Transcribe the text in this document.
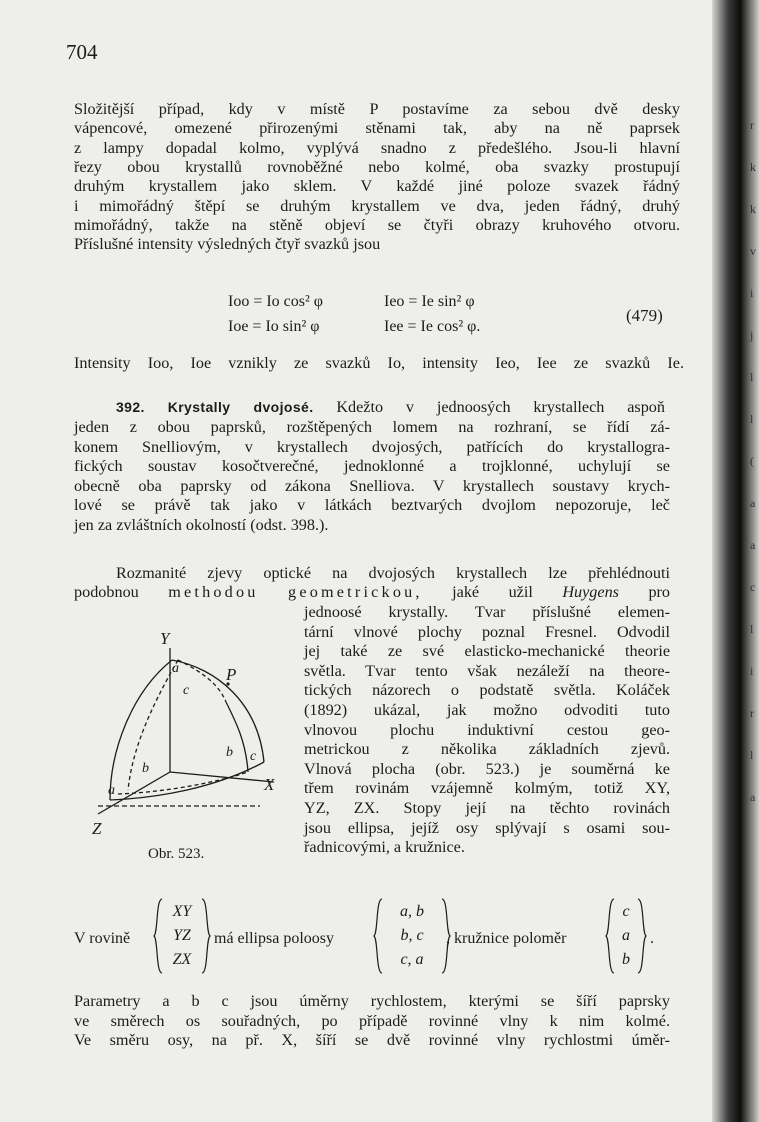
r
k
k
v
i
j
l
l
(
a
a
c
l
i
r
l
a
704
Složitější případ, kdy v místě P postavíme za sebou dvě desky
vápencové, omezené přirozenými stěnami tak, aby na ně paprsek
z lampy dopadal kolmo, vyplývá snadno z předešlého. Jsou-li hlavní
řezy obou krystallů rovnoběžné nebo kolmé, oba svazky prostupují
druhým krystallem jako sklem. V každé jiné poloze svazek řádný
i mimořádný štěpí se druhým krystallem ve dva, jeden řádný, druhý
mimořádný, takže na stěně objeví se čtyři obrazy kruhového otvoru.
Příslušné intensity výsledných čtyř svazků jsou
Ioo = Io cos² φ	Ieo = Ie sin² φ
Ioe = Io sin² φ	Iee = Ie cos² φ.
(479)
Intensity Ioo, Ioe vznikly ze svazků Io, intensity Ieo, Iee ze svazků Ie.
392. Krystally dvojosé. Kdežto v jednoosých krystallech aspoň
jeden z obou paprsků, rozštěpených lomem na rozhraní, se řídí zá-
konem Snelliovým, v krystallech dvojosých, patřících do krystallogra-
fických soustav kosočtverečné, jednoklonné a trojklonné, uchylují se
obecně oba paprsky od zákona Snelliova. V krystallech soustavy krych-
lové se právě tak jako v látkách beztvarých dvojlom nepozoruje, leč
jen za zvláštních okolností (odst. 398.).
Rozmanité zjevy optické na dvojosých krystallech lze přehlédnouti
podobnou methodou geometrickou, jaké užil Huygens pro
jednoosé krystally. Tvar příslušné elemen-
tární vlnové plochy poznal Fresnel. Odvodil
jej také ze své elasticko-mechanické theorie
světla. Tvar tento však nezáleží na theore-
tických názorech o podstatě světla. Koláček
(1892) ukázal, jak možno odvoditi tuto
vlnovou plochu induktivní cestou geo-
metrickou z několika základních zjevů.
Vlnová plocha (obr. 523.) je souměrná ke
třem rovinám vzájemně kolmým, totiž XY,
YZ, ZX. Stopy její na těchto rovinách
jsou ellipsa, jejíž osy splývají s osami sou-
řadnicovými, a kružnice.
Y
X
Z
P
a
c
b c
b
a
Obr. 523.
V rovině
XY
YZ
ZX
má ellipsa poloosy
a, b
b, c
c, a
, kružnice poloměr
c
a
b
.
Parametry a b c jsou úměrny rychlostem, kterými se šíří paprsky
ve směrech os souřadných, po případě rovinné vlny k nim kolmé.
Ve směru osy, na př. X, šíří se dvě rovinné vlny rychlostmi úměr-
